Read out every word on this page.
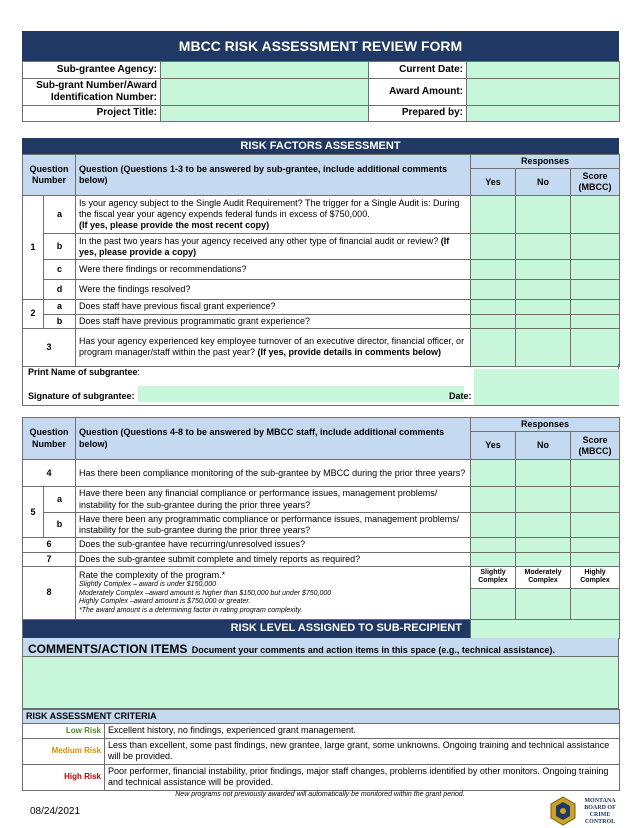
MBCC RISK ASSESSMENT REVIEW FORM
Sub-grantee Agency:		Current Date:	
Sub-grant Number/Award
Identification Number:		Award Amount:	
Project Title:		Prepared by:	
RISK FACTORS ASSESSMENT
Question Number		Question (Questions 1-3 to be answered by sub-grantee, include additional comments below)	Responses		
			Yes	No	Score (MBCC)
1	a	Is your agency subject to the Single Audit Requirement? The trigger for a Single Audit is: During the fiscal year your agency expends federal funds in excess of $750,000.
(If yes, please provide the most recent copy)			
	b	In the past two years has your agency received any other type of financial audit or review? (If yes, please provide a copy)			
	c	Were there findings or recommendations?			
	d	Were the findings resolved?			
2	a	Does staff have previous fiscal grant experience?			
	b	Does staff have previous programmatic grant experience?			
3		Has your agency experienced key employee turnover of an executive director, financial officer, or program manager/staff within the past year? (If yes, provide details in comments below)			
Print Name of subgrantee:
Signature of subgrantee:	Date:
Question Number		Question (Questions 4-8 to be answered by MBCC staff, include additional comments below)	Responses		
			Yes	No	Score (MBCC)
4		Has there been compliance monitoring of the sub-grantee by MBCC during the prior three years?			
5	a	Have there been any financial compliance or performance issues, management problems/ instability for the sub-grantee during the prior three years?			
	b	Have there been any programmatic compliance or performance issues, management problems/ instability for the sub-grantee during the prior three years?			
6		Does the sub-grantee have recurring/unresolved issues?			
7		Does the sub-grantee submit complete and timely reports as required?			
8		Rate the complexity of the program.*
Slightly Complex – award is under $150,000
Moderately Complex –award amount is higher than $150,000 but under $750,000
Highly Complex –award amount is $750,000 or greater.
*The award amount is a determining factor in rating program complexity.	Slightly Complex	Moderately Complex	Highly Complex

RISK LEVEL ASSIGNED TO SUB-RECIPIENT					
COMMENTS/ACTION ITEMS Document your comments and action items in this space (e.g., technical assistance).
RISK ASSESSMENT CRITERIA	
Low Risk	Excellent history, no findings, experienced grant management.
Medium Risk	Less than excellent, some past findings, new grantee, large grant, some unknowns. Ongoing training and technical assistance will be provided.
High Risk	Poor performer, financial instability, prior findings, major staff changes, problems identified by other monitors. Ongoing training and technical assistance will be provided.
New programs not previously awarded will automatically be monitored within the grant period.
08/24/2021
MONTANA BOARD OF CRIME CONTROL
